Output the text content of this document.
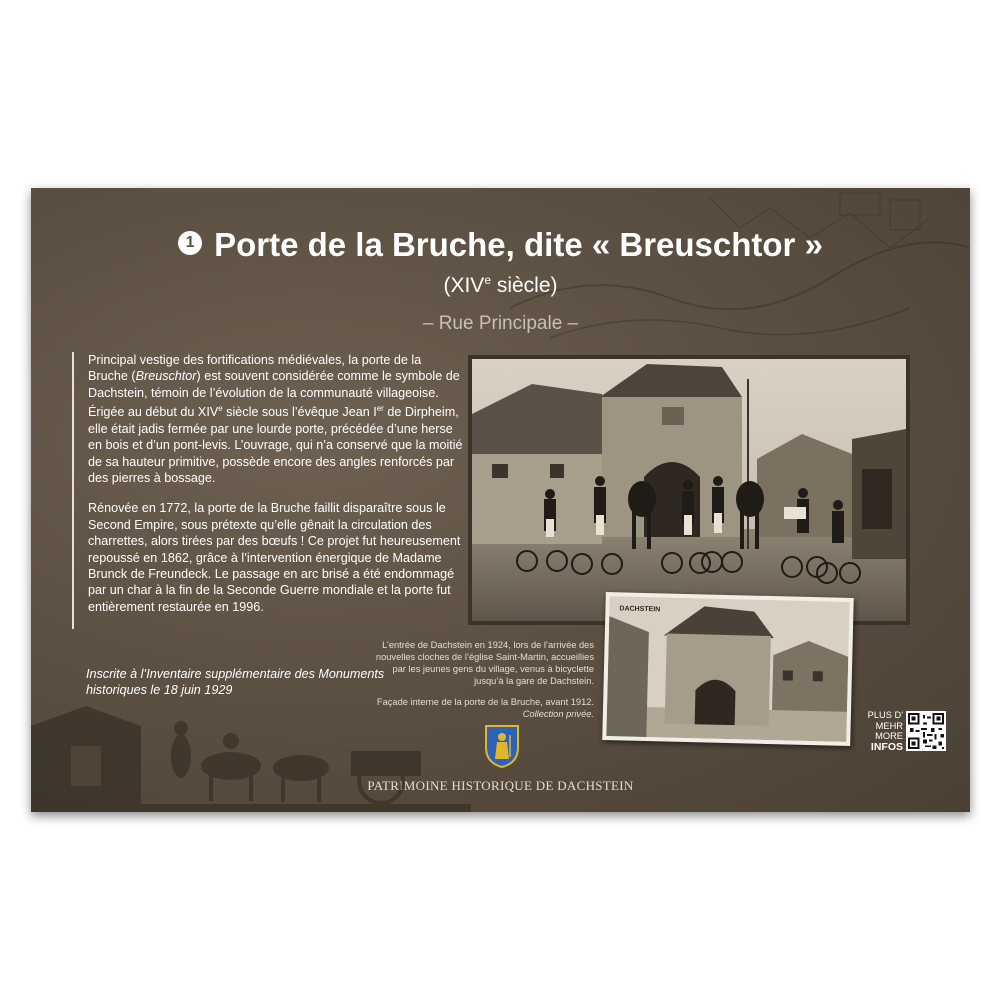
1 Porte de la Bruche, dite « Breuschtor »
(XIVe siècle)
– Rue Principale –

Principal vestige des fortifications médiévales, la porte de la Bruche (Breuschtor) est souvent considérée comme le symbole de Dachstein, témoin de l’évolution de la communauté villageoise. Érigée au début du XIVe siècle sous l’évêque Jean Ier de Dirpheim, elle était jadis fermée par une lourde porte, précédée d’une herse en bois et d’un pont-levis. L’ouvrage, qui n’a conservé que la moitié de sa hauteur primitive, possède encore des angles renforcés par des pierres à bossage.

Rénovée en 1772, la porte de la Bruche faillit disparaître sous le Second Empire, sous prétexte qu’elle gênait la circulation des charrettes, alors tirées par des bœufs ! Ce projet fut heureusement repoussé en 1862, grâce à l’intervention énergique de Madame Brunck de Freundeck. Le passage en arc brisé a été endommagé par un char à la fin de la Seconde Guerre mondiale et la porte fut entièrement restaurée en 1996.

Inscrite à l’Inventaire supplémentaire des Monuments historiques le 18 juin 1929
DACHSTEIN
L’entrée de Dachstein en 1924, lors de l’arrivée des nouvelles cloches de l’église Saint-Martin, accueillies par les jeunes gens du village, venus à bicyclette jusqu’à la gare de Dachstein.
Façade interne de la porte de la Bruche, avant 1912.
Collection privée.
PATRIMOINE HISTORIQUE DE DACHSTEIN
PLUS D'
MEHR
MORE
INFOS
